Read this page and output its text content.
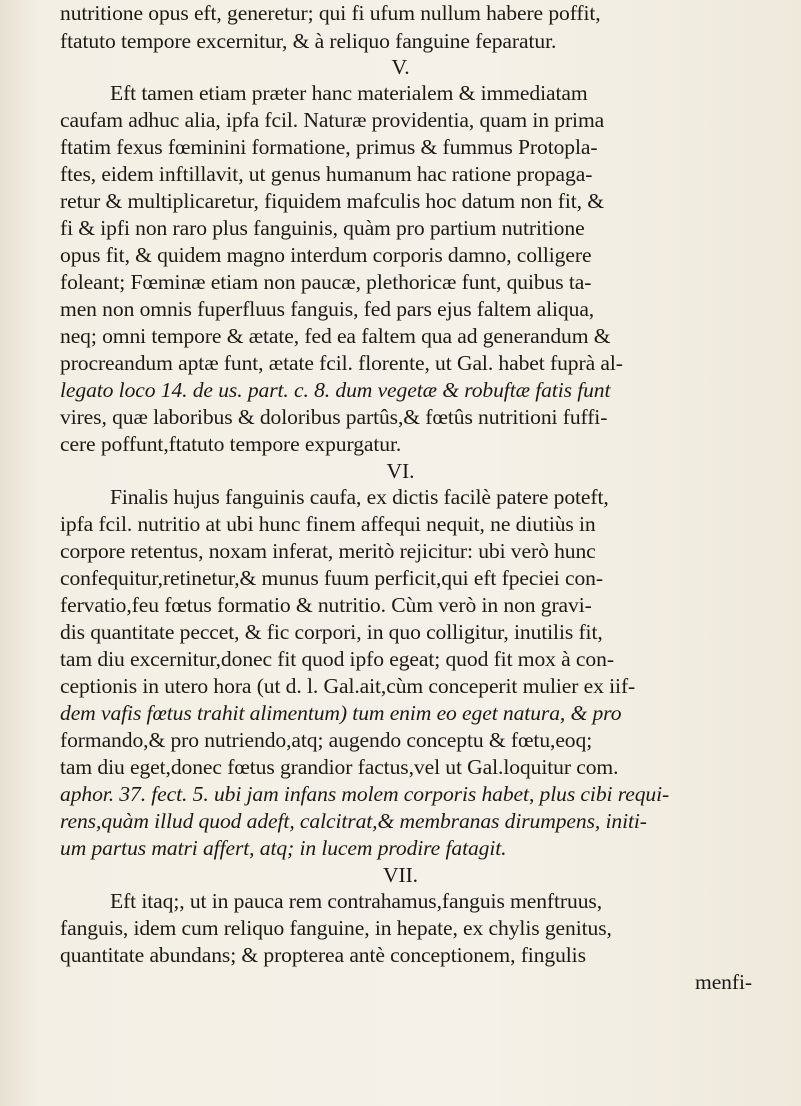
nutritione opus eft, generetur; qui fi ufum nullum habere poffit,
ftatuto tempore excernitur, & à reliquo fanguine feparatur.
V.
Eft tamen etiam præter hanc materialem & immediatam
caufam adhuc alia, ipfa fcil. Naturæ providentia, quam in prima
ftatim fexus fœminini formatione, primus & fummus Protopla-
ftes, eidem inftillavit, ut genus humanum hac ratione propaga-
retur & multiplicaretur, fiquidem mafculis hoc datum non fit, &
fi & ipfi non raro plus fanguinis, quàm pro partium nutritione
opus fit, & quidem magno interdum corporis damno, colligere
foleant; Fœminæ etiam non paucæ, plethoricæ funt, quibus ta-
men non omnis fuperfluus fanguis, fed pars ejus faltem aliqua,
neq; omni tempore & ætate, fed ea faltem qua ad generandum &
procreandum aptæ funt, ætate fcil. florente, ut Gal. habet fuprà al-
legato loco 14. de us. part. c. 8. dum vegetæ & robuftæ fatis funt
vires, quæ laboribus & doloribus partûs,& fœtûs nutritioni fuffi-
cere poffunt,ftatuto tempore expurgatur.
VI.
Finalis hujus fanguinis caufa, ex dictis facilè patere poteft,
ipfa fcil. nutritio at ubi hunc finem affequi nequit, ne diutiùs in
corpore retentus, noxam inferat, meritò rejicitur: ubi verò hunc
confequitur,retinetur,& munus fuum perficit,qui eft fpeciei con-
fervatio,feu fœtus formatio & nutritio. Cùm verò in non gravi-
dis quantitate peccet, & fic corpori, in quo colligitur, inutilis fit,
tam diu excernitur,donec fit quod ipfo egeat; quod fit mox à con-
ceptionis in utero hora (ut d. l. Gal.ait,cùm conceperit mulier ex iif-
dem vafis fœtus trahit alimentum) tum enim eo eget natura, & pro
formando,& pro nutriendo,atq; augendo conceptu & fœtu,eoq;
tam diu eget,donec fœtus grandior factus,vel ut Gal.loquitur com.
aphor. 37. fect. 5. ubi jam infans molem corporis habet, plus cibi requi-
rens,quàm illud quod adeft, calcitrat,& membranas dirumpens, initi-
um partus matri affert, atq; in lucem prodire fatagit.
VII.
Eft itaq;, ut in pauca rem contrahamus,fanguis menftruus,
fanguis, idem cum reliquo fanguine, in hepate, ex chylis genitus,
quantitate abundans; & propterea antè conceptionem, fingulis
menfi-
